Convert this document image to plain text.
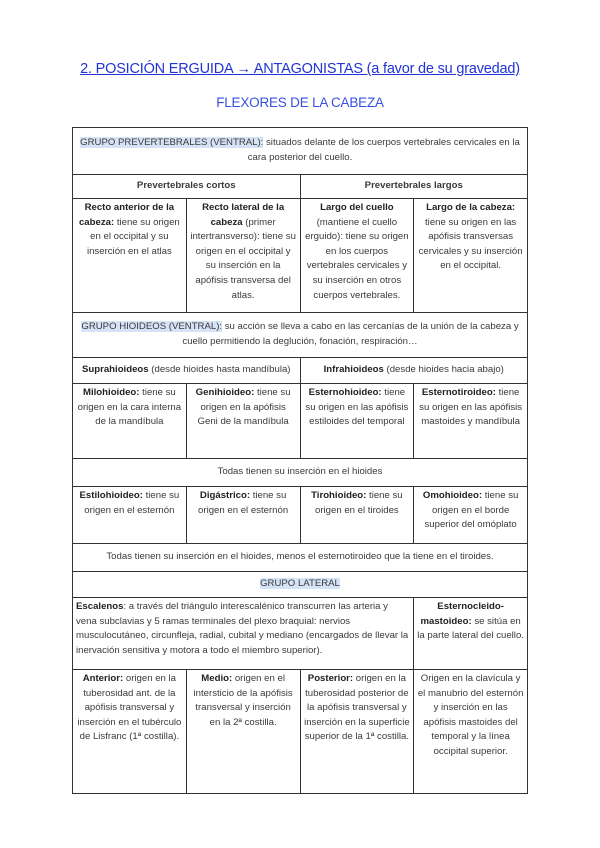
2. POSICIÓN ERGUIDA → ANTAGONISTAS (a favor de su gravedad)
FLEXORES DE LA CABEZA
GRUPO PREVERTEBRALES (VENTRAL): situados delante de los cuerpos vertebrales cervicales en la cara posterior del cuello.			
Prevertebrales cortos		Prevertebrales largos	
Recto anterior de la cabeza: tiene su origen en el occipital y su inserción en el atlas	Recto lateral de la cabeza (primer intertransverso): tiene su origen en el occipital y su inserción en la apófisis transversa del atlas.	Largo del cuello (mantiene el cuello erguido): tiene su origen en los cuerpos vertebrales cervicales y su inserción en otros cuerpos vertebrales.	Largo de la cabeza: tiene su origen en las apófisis transversas cervicales y su inserción en el occipital.
GRUPO HIOIDEOS (VENTRAL): su acción se lleva a cabo en las cercanías de la unión de la cabeza y cuello permitiendo la deglución, fonación, respiración…			
Suprahioideos (desde hioides hasta mandíbula)		Infrahioideos (desde hioides hacia abajo)	
Milohioideo: tiene su origen en la cara interna de la mandíbula	Genihioideo: tiene su origen en la apófisis Geni de la mandíbula	Esternohioideo: tiene su origen en las apófisis estiloides del temporal	Esternotiroideo: tiene su origen en las apófisis mastoides y mandíbula
Todas tienen su inserción en el hioides			
Estilohioideo: tiene su origen en el esternón	Digástrico: tiene su origen en el esternón	Tirohioideo: tiene su origen en el tiroides	Omohioideo: tiene su origen en el borde superior del omóplato
Todas tienen su inserción en el hioides, menos el esternotiroideo que la tiene en el tiroides.			
GRUPO LATERAL			
Escalenos: a través del triángulo interescalénico transcurren las arteria y vena subclavias y 5 ramas terminales del plexo braquial: nervios musculocutáneo, circunfleja, radial, cubital y mediano (encargados de llevar la inervación sensitiva y motora a todo el miembro superior).			Esternocleido-mastoideo: se sitúa en la parte lateral del cuello.
Anterior: origen en la tuberosidad ant. de la apófisis transversal y inserción en el tubérculo de Lisfranc (1ª costilla).	Medio: origen en el intersticio de la apófisis transversal y inserción en la 2ª costilla.	Posterior: origen en la tuberosidad posterior de la apófisis transversal y inserción en la superficie superior de la 1ª costilla.	Origen en la clavícula y el manubrio del esternón y inserción en las apófisis mastoides del temporal y la línea occipital superior.
